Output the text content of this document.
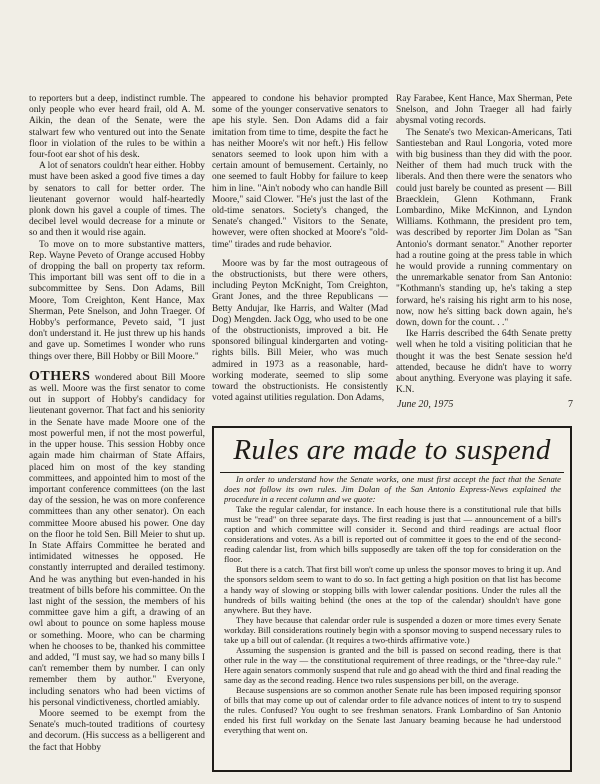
to reporters but a deep, indistinct rumble. The only people who ever heard frail, old A. M. Aikin, the dean of the Senate, were the stalwart few who ventured out into the Senate floor in violation of the rules to be within a four-foot ear shot of his desk.

A lot of senators couldn't hear either. Hobby must have been asked a good five times a day by senators to call for better order. The lieutenant governor would half-heartedly plonk down his gavel a couple of times. The decibel level would decrease for a minute or so and then it would rise again.

To move on to more substantive matters, Rep. Wayne Peveto of Orange accused Hobby of dropping the ball on property tax reform. This important bill was sent off to die in a subcommittee by Sens. Don Adams, Bill Moore, Tom Creighton, Kent Hance, Max Sherman, Pete Snelson, and John Traeger. Of Hobby's performance, Peveto said, "I just don't understand it. He just threw up his hands and gave up. Sometimes I wonder who runs things over there, Bill Hobby or Bill Moore."

OTHERS wondered about Bill Moore as well. Moore was the first senator to come out in support of Hobby's candidacy for lieutenant governor. That fact and his seniority in the Senate have made Moore one of the most powerful men, if not the most powerful, in the upper house. This session Hobby once again made him chairman of State Affairs, placed him on most of the key standing committees, and appointed him to most of the important conference committees (on the last day of the session, he was on more conference committees than any other senator). On each committee Moore abused his power. One day on the floor he told Sen. Bill Meier to shut up. In State Affairs Committee he berated and intimidated witnesses he opposed. He constantly interrupted and derailed testimony. And he was anything but even-handed in his treatment of bills before his committee. On the last night of the session, the members of his committee gave him a gift, a drawing of an owl about to pounce on some hapless mouse or something. Moore, who can be charming when he chooses to be, thanked his committee and added, "I must say, we had so many bills I can't remember them by number. I can only remember them by author." Everyone, including senators who had been victims of his personal vindictiveness, chortled amiably.

Moore seemed to be exempt from the Senate's much-touted traditions of courtesy and decorum. (His success as a belligerent and the fact that Hobby

appeared to condone his behavior prompted some of the younger conservative senators to ape his style. Sen. Don Adams did a fair imitation from time to time, despite the fact he has neither Moore's wit nor heft.) His fellow senators seemed to look upon him with a certain amount of bemusement. Certainly, no one seemed to fault Hobby for failure to keep him in line. "Ain't nobody who can handle Bill Moore," said Clower. "He's just the last of the old-time senators. Society's changed, the Senate's changed." Visitors to the Senate, however, were often shocked at Moore's "old-time" tirades and rude behavior.

Moore was by far the most outrageous of the obstructionists, but there were others, including Peyton McKnight, Tom Creighton, Grant Jones, and the three Republicans — Betty Andujar, Ike Harris, and Walter (Mad Dog) Mengden. Jack Ogg, who used to be one of the obstructionists, improved a bit. He sponsored bilingual kindergarten and voting-rights bills. Bill Meier, who was much admired in 1973 as a reasonable, hard-working moderate, seemed to slip some toward the obstructionists. He consistently voted against utilities regulation. Don Adams,

Ray Farabee, Kent Hance, Max Sherman, Pete Snelson, and John Traeger all had fairly abysmal voting records.

The Senate's two Mexican-Americans, Tati Santiesteban and Raul Longoria, voted more with big business than they did with the poor. Neither of them had much truck with the liberals. And then there were the senators who could just barely be counted as present — Bill Braecklein, Glenn Kothmann, Frank Lombardino, Mike McKinnon, and Lyndon Williams. Kothmann, the president pro tem, was described by reporter Jim Dolan as "San Antonio's dormant senator." Another reporter had a routine going at the press table in which he would provide a running commentary on the unremarkable senator from San Antonio: "Kothmann's standing up, he's taking a step forward, he's raising his right arm to his nose, now, now he's sitting back down again, he's down, down for the count. . ."

Ike Harris described the 64th Senate pretty well when he told a visiting politician that he thought it was the best Senate session he'd attended, because he didn't have to worry about anything. Everyone was playing it safe. K.N.

June 20, 1975	7
Rules are made to suspend

In order to understand how the Senate works, one must first accept the fact that the Senate does not follow its own rules. Jim Dolan of the San Antonio Express-News explained the procedure in a recent column and we quote:

Take the regular calendar, for instance. In each house there is a constitutional rule that bills must be "read" on three separate days. The first reading is just that — announcement of a bill's caption and which committee will consider it. Second and third readings are actual floor considerations and votes. As a bill is reported out of committee it goes to the end of the second-reading calendar list, from which bills supposedly are taken off the top for consideration on the floor.

But there is a catch. That first bill won't come up unless the sponsor moves to bring it up. And the sponsors seldom seem to want to do so. In fact getting a high position on that list has become a handy way of slowing or stopping bills with lower calendar positions. Under the rules all the hundreds of bills waiting behind (the ones at the top of the calendar) shouldn't have gone anywhere. But they have.

They have because that calendar order rule is suspended a dozen or more times every Senate workday. Bill considerations routinely begin with a sponsor moving to suspend necessary rules to take up a bill out of calendar. (It requires a two-thirds affirmative vote.)

Assuming the suspension is granted and the bill is passed on second reading, there is that other rule in the way — the constitutional requirement of three readings, or the "three-day rule." Here again senators commonly suspend that rule and go ahead with the third and final reading the same day as the second reading. Hence two rules suspensions per bill, on the average.

Because suspensions are so common another Senate rule has been imposed requiring sponsor of bills that may come up out of calendar order to file advance notices of intent to try to suspend the rules. Confused? You ought to see freshman senators. Frank Lombardino of San Antonio ended his first full workday on the Senate last January beaming because he had understood everything that went on.
